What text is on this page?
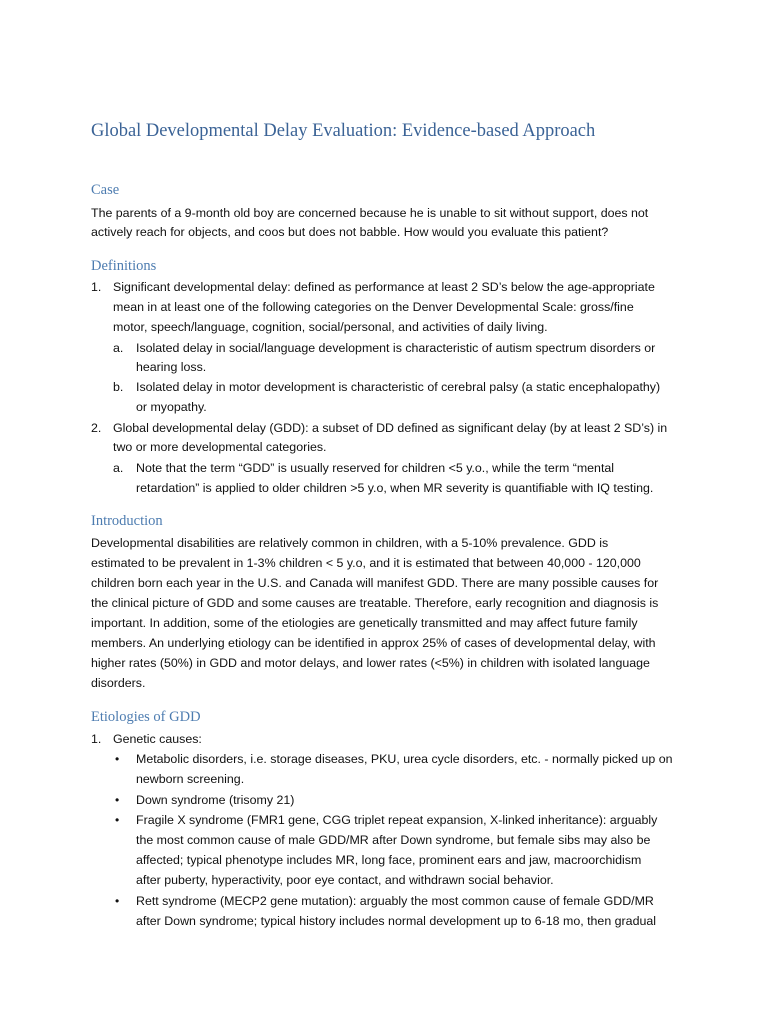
Global Developmental Delay Evaluation: Evidence-based Approach
Case
The parents of a 9-month old boy are concerned because he is unable to sit without support, does not
actively reach for objects, and coos but does not babble. How would you evaluate this patient?
Definitions
1. Significant developmental delay: defined as performance at least 2 SD’s below the age-appropriate
mean in at least one of the following categories on the Denver Developmental Scale: gross/fine
motor, speech/language, cognition, social/personal, and activities of daily living.
a. Isolated delay in social/language development is characteristic of autism spectrum disorders or
hearing loss.
b. Isolated delay in motor development is characteristic of cerebral palsy (a static encephalopathy)
or myopathy.
2. Global developmental delay (GDD): a subset of DD defined as significant delay (by at least 2 SD’s) in
two or more developmental categories.
a. Note that the term “GDD” is usually reserved for children <5 y.o., while the term “mental
retardation” is applied to older children >5 y.o, when MR severity is quantifiable with IQ testing.
Introduction
Developmental disabilities are relatively common in children, with a 5-10% prevalence. GDD is
estimated to be prevalent in 1-3% children < 5 y.o, and it is estimated that between 40,000 - 120,000
children born each year in the U.S. and Canada will manifest GDD. There are many possible causes for
the clinical picture of GDD and some causes are treatable. Therefore, early recognition and diagnosis is
important. In addition, some of the etiologies are genetically transmitted and may affect future family
members. An underlying etiology can be identified in approx 25% of cases of developmental delay, with
higher rates (50%) in GDD and motor delays, and lower rates (<5%) in children with isolated language
disorders.
Etiologies of GDD
1. Genetic causes:
• Metabolic disorders, i.e. storage diseases, PKU, urea cycle disorders, etc. - normally picked up on
newborn screening.
• Down syndrome (trisomy 21)
• Fragile X syndrome (FMR1 gene, CGG triplet repeat expansion, X-linked inheritance): arguably
the most common cause of male GDD/MR after Down syndrome, but female sibs may also be
affected; typical phenotype includes MR, long face, prominent ears and jaw, macroorchidism
after puberty, hyperactivity, poor eye contact, and withdrawn social behavior.
• Rett syndrome (MECP2 gene mutation): arguably the most common cause of female GDD/MR
after Down syndrome; typical history includes normal development up to 6-18 mo, then gradual
